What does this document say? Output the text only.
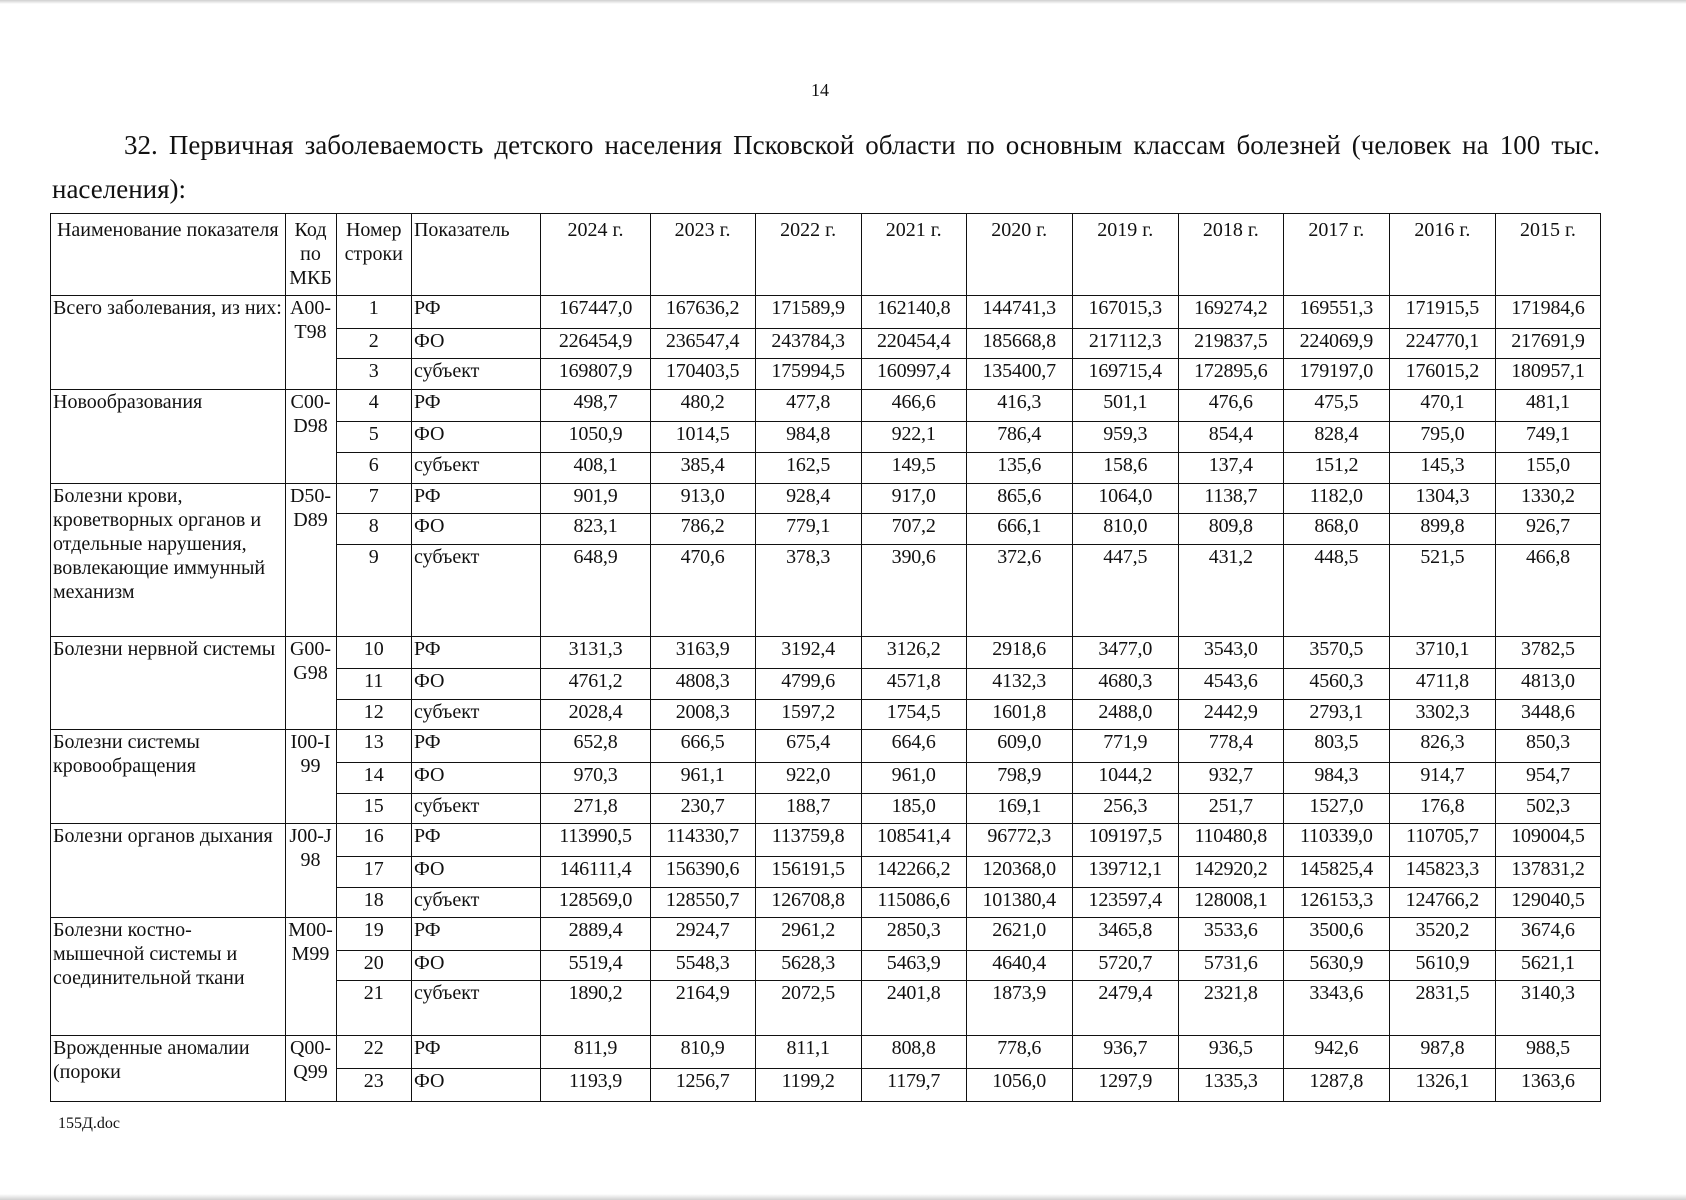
14
32. Первичная заболеваемость детского населения Псковской области по основным классам болезней (человек на 100 тыс. населения):
Наименование показателя	Код по МКБ	Номер строки	Показатель	2024 г.	2023 г.	2022 г.	2021 г.	2020 г.	2019 г.	2018 г.	2017 г.	2016 г.	2015 г.
Всего заболевания, из них:	A00-T98	1	РФ	167447,0	167636,2	171589,9	162140,8	144741,3	167015,3	169274,2	169551,3	171915,5	171984,6
		2	ФО	226454,9	236547,4	243784,3	220454,4	185668,8	217112,3	219837,5	224069,9	224770,1	217691,9
		3	субъект	169807,9	170403,5	175994,5	160997,4	135400,7	169715,4	172895,6	179197,0	176015,2	180957,1
Новообразования	C00-D98	4	РФ	498,7	480,2	477,8	466,6	416,3	501,1	476,6	475,5	470,1	481,1
		5	ФО	1050,9	1014,5	984,8	922,1	786,4	959,3	854,4	828,4	795,0	749,1
		6	субъект	408,1	385,4	162,5	149,5	135,6	158,6	137,4	151,2	145,3	155,0
Болезни крови, кроветворных органов и отдельные нарушения, вовлекающие иммунный механизм	D50-D89	7	РФ	901,9	913,0	928,4	917,0	865,6	1064,0	1138,7	1182,0	1304,3	1330,2
		8	ФО	823,1	786,2	779,1	707,2	666,1	810,0	809,8	868,0	899,8	926,7
		9	субъект	648,9	470,6	378,3	390,6	372,6	447,5	431,2	448,5	521,5	466,8
Болезни нервной системы	G00-G98	10	РФ	3131,3	3163,9	3192,4	3126,2	2918,6	3477,0	3543,0	3570,5	3710,1	3782,5
		11	ФО	4761,2	4808,3	4799,6	4571,8	4132,3	4680,3	4543,6	4560,3	4711,8	4813,0
		12	субъект	2028,4	2008,3	1597,2	1754,5	1601,8	2488,0	2442,9	2793,1	3302,3	3448,6
Болезни системы кровообращения	I00-I99	13	РФ	652,8	666,5	675,4	664,6	609,0	771,9	778,4	803,5	826,3	850,3
		14	ФО	970,3	961,1	922,0	961,0	798,9	1044,2	932,7	984,3	914,7	954,7
		15	субъект	271,8	230,7	188,7	185,0	169,1	256,3	251,7	1527,0	176,8	502,3
Болезни органов дыхания	J00-J98	16	РФ	113990,5	114330,7	113759,8	108541,4	96772,3	109197,5	110480,8	110339,0	110705,7	109004,5
		17	ФО	146111,4	156390,6	156191,5	142266,2	120368,0	139712,1	142920,2	145825,4	145823,3	137831,2
		18	субъект	128569,0	128550,7	126708,8	115086,6	101380,4	123597,4	128008,1	126153,3	124766,2	129040,5
Болезни костно-мышечной системы и соединительной ткани	M00-M99	19	РФ	2889,4	2924,7	2961,2	2850,3	2621,0	3465,8	3533,6	3500,6	3520,2	3674,6
		20	ФО	5519,4	5548,3	5628,3	5463,9	4640,4	5720,7	5731,6	5630,9	5610,9	5621,1
		21	субъект	1890,2	2164,9	2072,5	2401,8	1873,9	2479,4	2321,8	3343,6	2831,5	3140,3
Врожденные аномалии (пороки	Q00-Q99	22	РФ	811,9	810,9	811,1	808,8	778,6	936,7	936,5	942,6	987,8	988,5
		23	ФО	1193,9	1256,7	1199,2	1179,7	1056,0	1297,9	1335,3	1287,8	1326,1	1363,6
155Д.doc
